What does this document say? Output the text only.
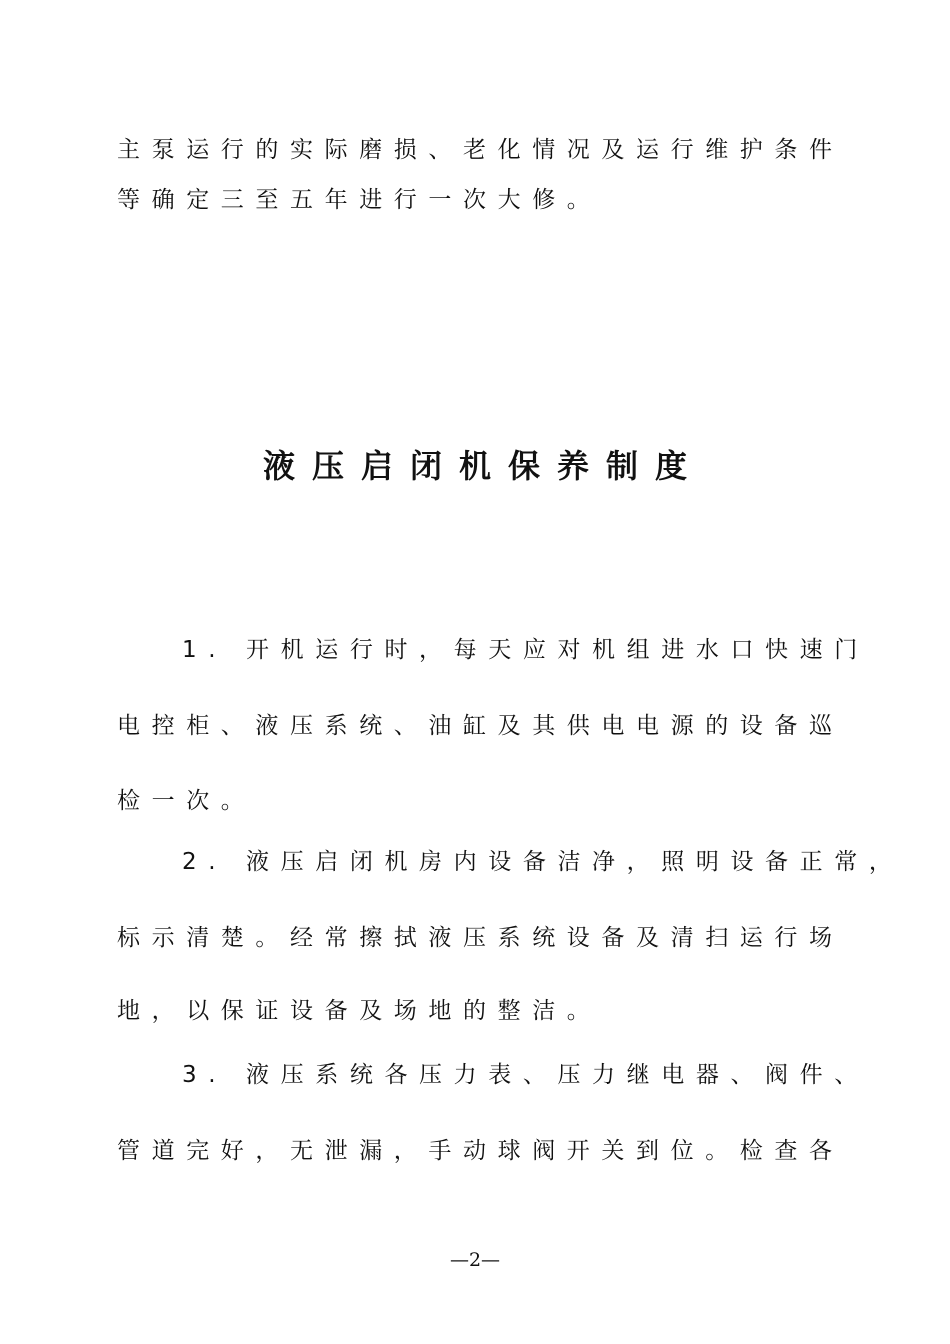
主泵运行的实际磨损、老化情况及运行维护条件

等确定三至五年进行一次大修。

液压启闭机保养制度

1. 开机运行时，每天应对机组进水口快速门

电控柜、液压系统、油缸及其供电电源的设备巡

检一次。

2. 液压启闭机房内设备洁净，照明设备正常，

标示清楚。经常擦拭液压系统设备及清扫运行场

地，以保证设备及场地的整洁。

3. 液压系统各压力表、压力继电器、阀件、

管道完好，无泄漏，手动球阀开关到位。检查各

—2—
